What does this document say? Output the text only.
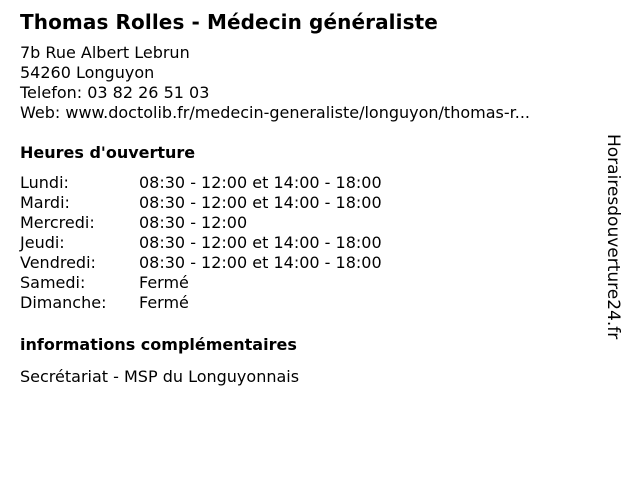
Thomas Rolles - Médecin généraliste
7b Rue Albert Lebrun
54260 Longuyon
Telefon: 03 82 26 51 03
Web: www.doctolib.fr/medecin-generaliste/longuyon/thomas-r...
Heures d'ouverture
Lundi:	08:30 - 12:00 et 14:00 - 18:00
Mardi:	08:30 - 12:00 et 14:00 - 18:00
Mercredi:	08:30 - 12:00
Jeudi:	08:30 - 12:00 et 14:00 - 18:00
Vendredi:	08:30 - 12:00 et 14:00 - 18:00
Samedi:	Fermé
Dimanche:	Fermé
informations complémentaires
Secrétariat - MSP du Longuyonnais
Horairesdouverture24.fr
